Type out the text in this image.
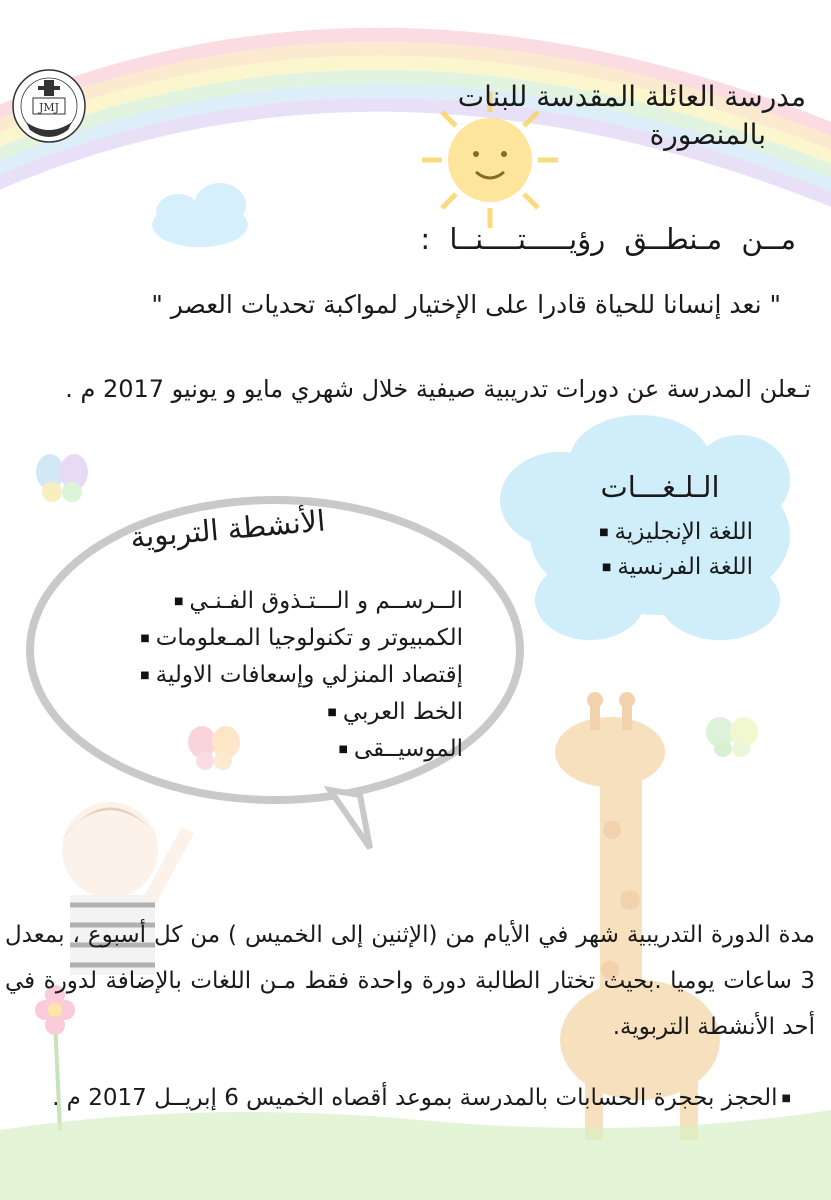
JMJ	مدرسة العائلة المقدسة للبنات
بالمنصورة
مــن مـنطــق رؤيـــــتــــنــا :
" نعد إنسانا للحياة قادرا على الإختيار لمواكبة تحديات العصر "
تـعلن المدرسة عن دورات تدريبية صيفية خلال شهري مايو و يونيو 2017 م .
الـلـغـــات
اللغة الإنجليزية ■
اللغة الفرنسية ■
الأنشطة التربوية
الــرســم و الـــتـذوق الفـنـي ■
الكمبيوتر و تكنولوجيا المـعلومات ■
إقتصاد المنزلي وإسعافات الاولية ■
الخط العربي ■
الموسيــقى ■
مدة الدورة التدريبية شهر في الأيام من (الإثنين إلى الخميس ) من كل أسبوع ، بمعدل 3 ساعات يوميا .بحيث تختار الطالبة دورة واحدة فقط مـن اللغات بالإضافة لدورة في أحد الأنشطة التربوية.
■الحجز بحجرة الحسابات بالمدرسة بموعد أقصاه الخميس 6 إبريــل 2017 م .
